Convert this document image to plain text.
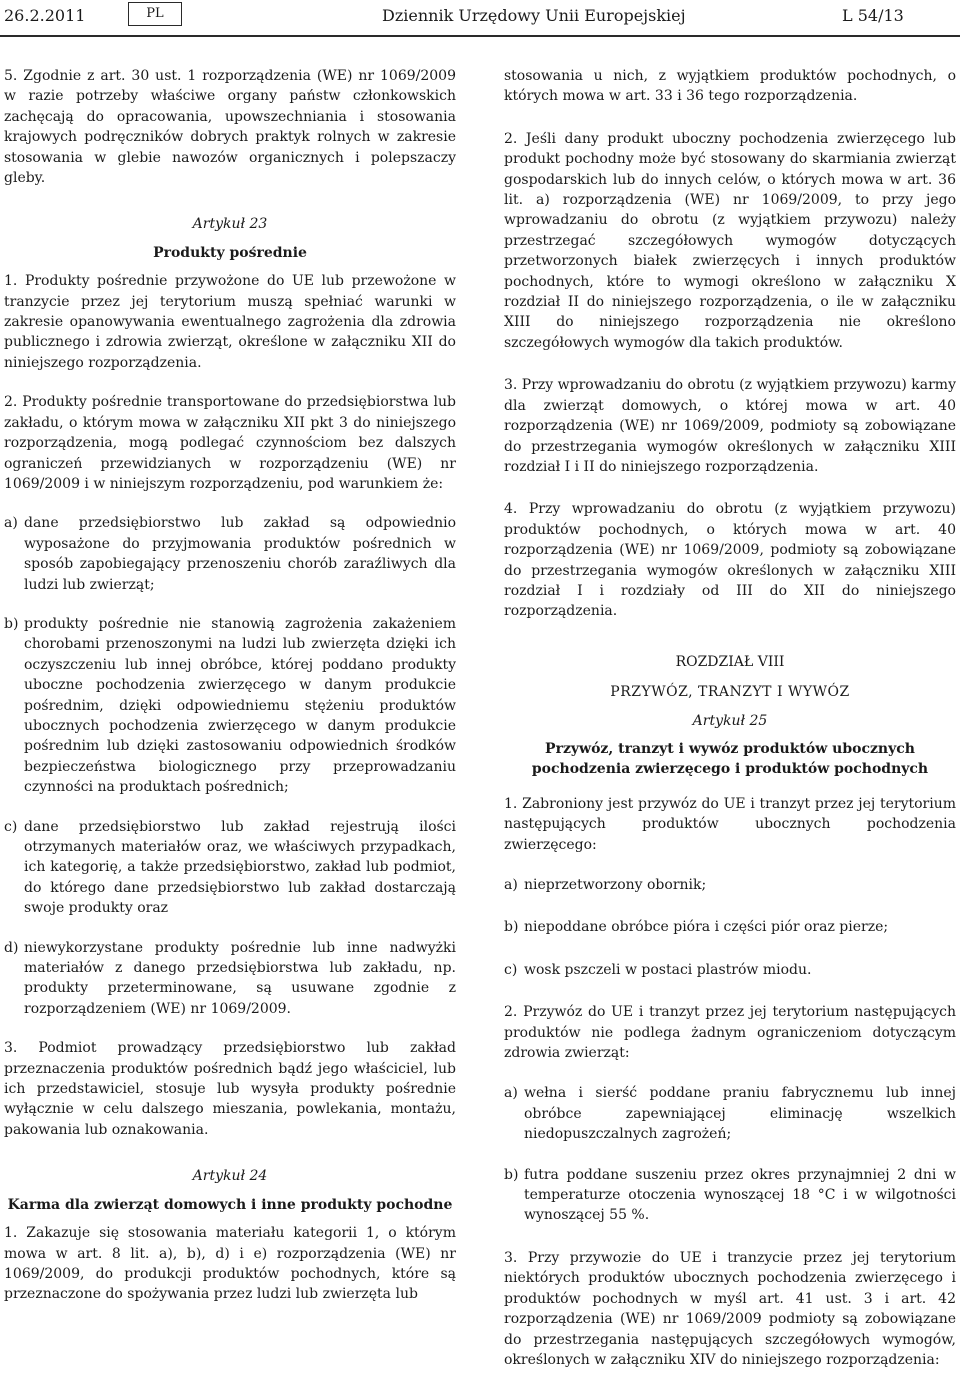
26.2.2011	PL	Dziennik Urzędowy Unii Europejskiej	L 54/13

5. Zgodnie z art. 30 ust. 1 rozporządzenia (WE) nr 1069/2009 w razie potrzeby właściwe organy państw członkowskich zachęcają do opracowania, upowszechniania i stosowania krajowych podręczników dobrych praktyk rolnych w zakresie stosowania w glebie nawozów organicznych i polepszaczy gleby.

Artykuł 23

Produkty pośrednie

1. Produkty pośrednie przywożone do UE lub przewożone w tranzycie przez jej terytorium muszą spełniać warunki w zakresie opanowywania ewentualnego zagrożenia dla zdrowia publicznego i zdrowia zwierząt, określone w załączniku XII do niniejszego rozporządzenia.

2. Produkty pośrednie transportowane do przedsiębiorstwa lub zakładu, o którym mowa w załączniku XII pkt 3 do niniejszego rozporządzenia, mogą podlegać czynnościom bez dalszych ograniczeń przewidzianych w rozporządzeniu (WE) nr 1069/2009 i w niniejszym rozporządzeniu, pod warunkiem że:

a) dane przedsiębiorstwo lub zakład są odpowiednio wyposażone do przyjmowania produktów pośrednich w sposób zapobiegający przenoszeniu chorób zaraźliwych dla ludzi lub zwierząt;
b) produkty pośrednie nie stanowią zagrożenia zakażeniem chorobami przenoszonymi na ludzi lub zwierzęta dzięki ich oczyszczeniu lub innej obróbce, której poddano produkty uboczne pochodzenia zwierzęcego w danym produkcie pośrednim, dzięki odpowiedniemu stężeniu produktów ubocznych pochodzenia zwierzęcego w danym produkcie pośrednim lub dzięki zastosowaniu odpowiednich środków bezpieczeństwa biologicznego przy przeprowadzaniu czynności na produktach pośrednich;
c) dane przedsiębiorstwo lub zakład rejestrują ilości otrzymanych materiałów oraz, we właściwych przypadkach, ich kategorię, a także przedsiębiorstwo, zakład lub podmiot, do którego dane przedsiębiorstwo lub zakład dostarczają swoje produkty oraz
d) niewykorzystane produkty pośrednie lub inne nadwyżki materiałów z danego przedsiębiorstwa lub zakładu, np. produkty przeterminowane, są usuwane zgodnie z rozporządzeniem (WE) nr 1069/2009.

3. Podmiot prowadzący przedsiębiorstwo lub zakład przeznaczenia produktów pośrednich bądź jego właściciel, lub ich przedstawiciel, stosuje lub wysyła produkty pośrednie wyłącznie w celu dalszego mieszania, powlekania, montażu, pakowania lub oznakowania.

Artykuł 24

Karma dla zwierząt domowych i inne produkty pochodne

1. Zakazuje się stosowania materiału kategorii 1, o którym mowa w art. 8 lit. a), b), d) i e) rozporządzenia (WE) nr 1069/2009, do produkcji produktów pochodnych, które są przeznaczone do spożywania przez ludzi lub zwierzęta lub

stosowania u nich, z wyjątkiem produktów pochodnych, o których mowa w art. 33 i 36 tego rozporządzenia.

2. Jeśli dany produkt uboczny pochodzenia zwierzęcego lub produkt pochodny może być stosowany do skarmiania zwierząt gospodarskich lub do innych celów, o których mowa w art. 36 lit. a) rozporządzenia (WE) nr 1069/2009, to przy jego wprowadzaniu do obrotu (z wyjątkiem przywozu) należy przestrzegać szczegółowych wymogów dotyczących przetworzonych białek zwierzęcych i innych produktów pochodnych, które to wymogi określono w załączniku X rozdział II do niniejszego rozporządzenia, o ile w załączniku XIII do niniejszego rozporządzenia nie określono szczegółowych wymogów dla takich produktów.

3. Przy wprowadzaniu do obrotu (z wyjątkiem przywozu) karmy dla zwierząt domowych, o której mowa w art. 40 rozporządzenia (WE) nr 1069/2009, podmioty są zobowiązane do przestrzegania wymogów określonych w załączniku XIII rozdział I i II do niniejszego rozporządzenia.

4. Przy wprowadzaniu do obrotu (z wyjątkiem przywozu) produktów pochodnych, o których mowa w art. 40 rozporządzenia (WE) nr 1069/2009, podmioty są zobowiązane do przestrzegania wymogów określonych w załączniku XIII rozdział I i rozdziały od III do XII do niniejszego rozporządzenia.

ROZDZIAŁ VIII

PRZYWÓZ, TRANZYT I WYWÓZ

Artykuł 25

Przywóz, tranzyt i wywóz produktów ubocznych pochodzenia zwierzęcego i produktów pochodnych

1. Zabroniony jest przywóz do UE i tranzyt przez jej terytorium następujących produktów ubocznych pochodzenia zwierzęcego:

a) nieprzetworzony obornik;
b) niepoddane obróbce pióra i części piór oraz pierze;
c) wosk pszczeli w postaci plastrów miodu.

2. Przywóz do UE i tranzyt przez jej terytorium następujących produktów nie podlega żadnym ograniczeniom dotyczącym zdrowia zwierząt:

a) wełna i sierść poddane praniu fabrycznemu lub innej obróbce zapewniającej eliminację wszelkich niedopuszczalnych zagrożeń;
b) futra poddane suszeniu przez okres przynajmniej 2 dni w temperaturze otoczenia wynoszącej 18 °C i w wilgotności wynoszącej 55 %.

3. Przy przywozie do UE i tranzycie przez jej terytorium niektórych produktów ubocznych pochodzenia zwierzęcego i produktów pochodnych w myśl art. 41 ust. 3 i art. 42 rozporządzenia (WE) nr 1069/2009 podmioty są zobowiązane do przestrzegania następujących szczegółowych wymogów, określonych w załączniku XIV do niniejszego rozporządzenia:
